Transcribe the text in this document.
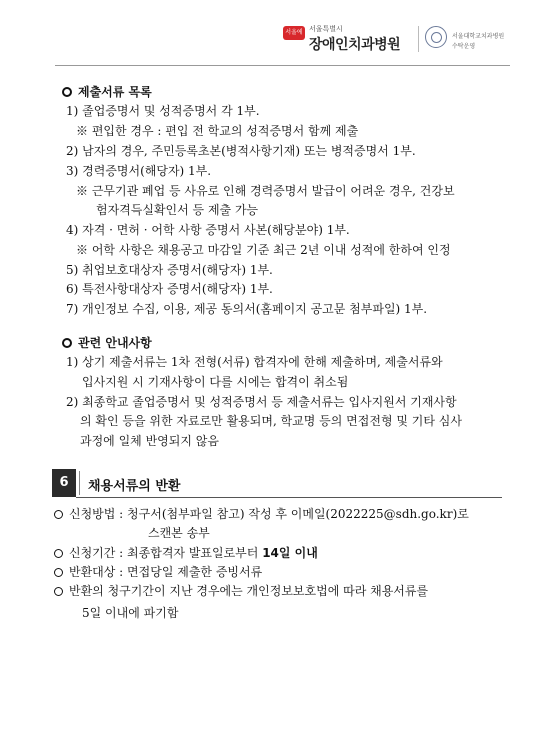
서울에서
서울특별시
장애인치과병원
서울대학교치과병원
수탁운영
제출서류 목록
1) 졸업증명서 및 성적증명서 각 1부.
※ 편입한 경우 : 편입 전 학교의 성적증명서 함께 제출
2) 남자의 경우, 주민등록초본(병적사항기재) 또는 병적증명서 1부.
3) 경력증명서(해당자) 1부.
※ 근무기관 폐업 등 사유로 인해 경력증명서 발급이 어려운 경우, 건강보
험자격득실확인서 등 제출 가능
4) 자격 · 면허 · 어학 사항 증명서 사본(해당분야) 1부.
※ 어학 사항은 채용공고 마감일 기준 최근 2년 이내 성적에 한하여 인정
5) 취업보호대상자 증명서(해당자) 1부.
6) 특전사항대상자 증명서(해당자) 1부.
7) 개인정보 수집, 이용, 제공 동의서(홈페이지 공고문 첨부파일) 1부.
관련 안내사항
1) 상기 제출서류는 1차 전형(서류) 합격자에 한해 제출하며, 제출서류와
입사지원 시 기재사항이 다를 시에는 합격이 취소됨
2) 최종학교 졸업증명서 및 성적증명서 등 제출서류는 입사지원서 기재사항
의 확인 등을 위한 자료로만 활용되며, 학교명 등의 면접전형 및 기타 심사
과정에 일체 반영되지 않음
6	채용서류의 반환
신청방법 : 청구서(첨부파일 참고) 작성 후 이메일(2022225@sdh.go.kr)로
스캔본 송부
신청기간 : 최종합격자 발표일로부터 14일 이내
반환대상 : 면접당일 제출한 증빙서류
반환의 청구기간이 지난 경우에는 개인정보보호법에 따라 채용서류를
5일 이내에 파기함
